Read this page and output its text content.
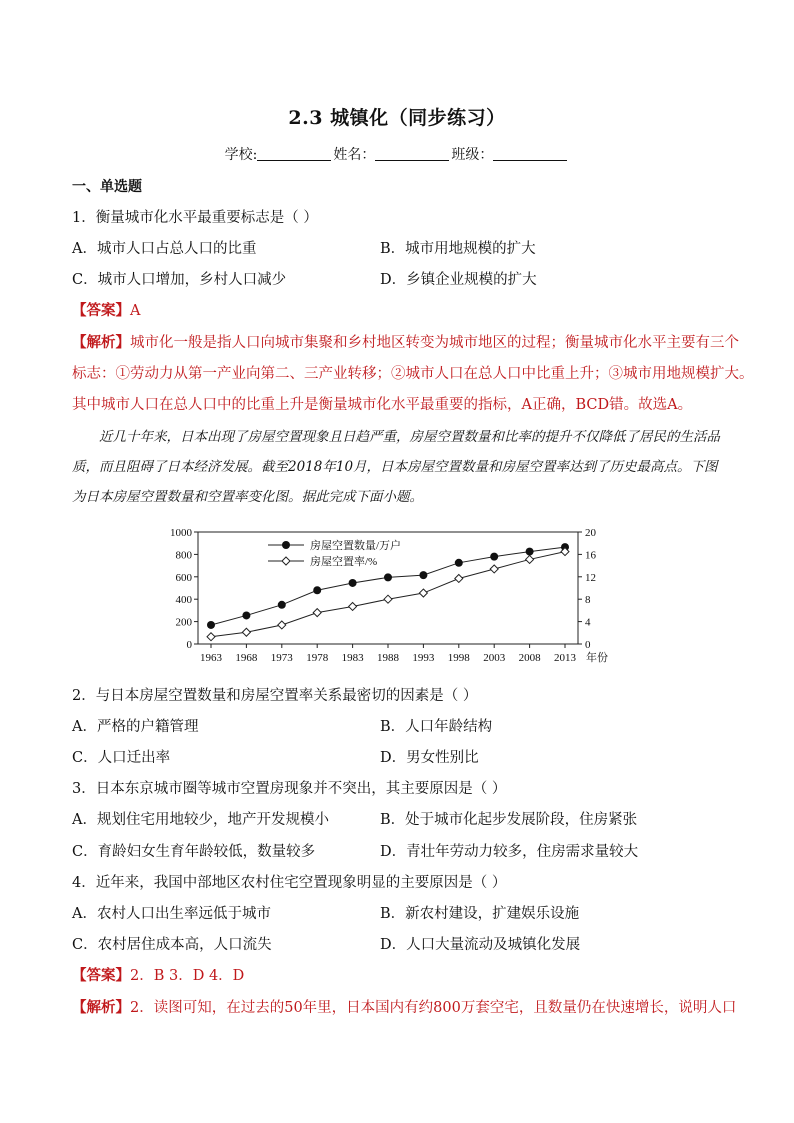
2.3 城镇化（同步练习）
学校:	姓名：	班级：
一、单选题
1．衡量城市化水平最重要标志是（ ）
A．城市人口占总人口的比重	B．城市用地规模的扩大
C．城市人口增加，乡村人口减少	D．乡镇企业规模的扩大
【答案】A
【解析】城市化一般是指人口向城市集聚和乡村地区转变为城市地区的过程；衡量城市化水平主要有三个
标志：①劳动力从第一产业向第二、三产业转移；②城市人口在总人口中比重上升；③城市用地规模扩大。
其中城市人口在总人口中的比重上升是衡量城市化水平最重要的指标，A正确，BCD错。故选A。
近几十年来，日本出现了房屋空置现象且日趋严重，房屋空置数量和比率的提升不仅降低了居民的生活品质，而且阻碍了日本经济发展。截至2018年10月，日本房屋空置数量和房屋空置率达到了历史最高点。下图为日本房屋空置数量和空置率变化图。据此完成下面小题。
0
200
400
600
800
1000
0
4
8
12
16
20
1963 1968 1973 1978 1983 1988 1993 1998 2003 2008 2013 年份
房屋空置数量/万户
房屋空置率/%
2．与日本房屋空置数量和房屋空置率关系最密切的因素是（ ）
A．严格的户籍管理	B．人口年龄结构
C．人口迁出率	D．男女性别比
3．日本东京城市圈等城市空置房现象并不突出，其主要原因是（ ）
A．规划住宅用地较少，地产开发规模小	B．处于城市化起步发展阶段，住房紧张
C．育龄妇女生育年龄较低，数量较多	D．青壮年劳动力较多，住房需求量较大
4．近年来，我国中部地区农村住宅空置现象明显的主要原因是（ ）
A．农村人口出生率远低于城市	B．新农村建设，扩建娱乐设施
C．农村居住成本高，人口流失	D．人口大量流动及城镇化发展
【答案】2．B 3．D 4．D
【解析】2．读图可知，在过去的50年里，日本国内有约800万套空宅，且数量仍在快速增长，说明人口
